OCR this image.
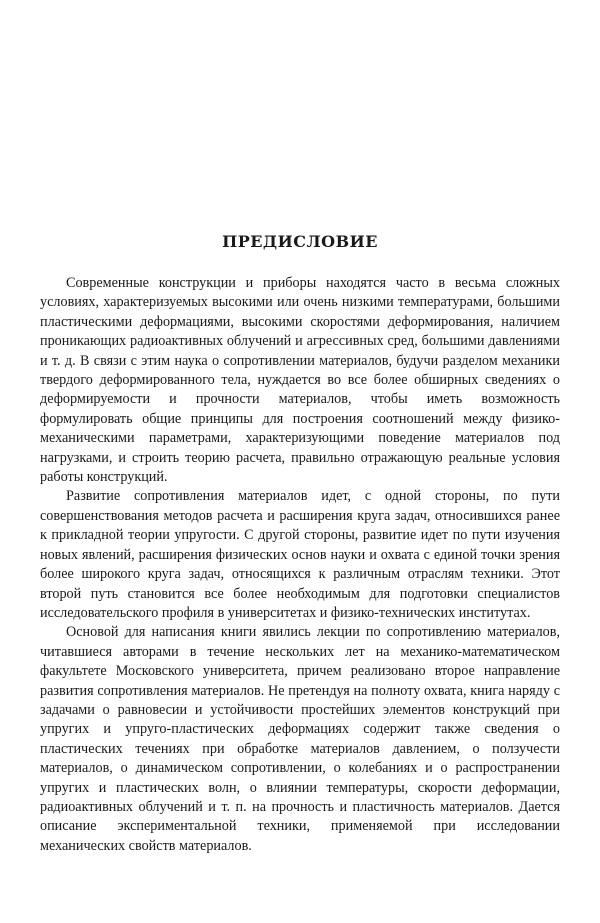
ПРЕДИСЛОВИЕ

Современные конструкции и приборы находятся часто в весьма сложных условиях, характеризуемых высокими или очень низкими температурами, большими пластическими деформациями, высокими скоростями деформирования, наличием проникающих радиоактивных облучений и агрессивных сред, большими давлениями и т. д. В связи с этим наука о сопротивлении материалов, будучи разделом механики твердого деформированного тела, нуждается во все более обширных сведениях о деформируемости и прочности материалов, чтобы иметь возможность формулировать общие принципы для построения соотношений между физико-механическими параметрами, характеризующими поведение материалов под нагрузками, и строить теорию расчета, правильно отражающую реальные условия работы конструкций.

Развитие сопротивления материалов идет, с одной стороны, по пути совершенствования методов расчета и расширения круга задач, относившихся ранее к прикладной теории упругости. С другой стороны, развитие идет по пути изучения новых явлений, расширения физических основ науки и охвата с единой точки зрения более широкого круга задач, относящихся к различным отраслям техники. Этот второй путь становится все более необходимым для подготовки специалистов исследовательского профиля в университетах и физико-технических институтах.

Основой для написания книги явились лекции по сопротивлению материалов, читавшиеся авторами в течение нескольких лет на механико-математическом факультете Московского университета, причем реализовано второе направление развития сопротивления материалов. Не претендуя на полноту охвата, книга наряду с задачами о равновесии и устойчивости простейших элементов конструкций при упругих и упруго-пластических деформациях содержит также сведения о пластических течениях при обработке материалов давлением, о ползучести материалов, о динамическом сопротивлении, о колебаниях и о распространении упругих и пластических волн, о влиянии температуры, скорости деформации, радиоактивных облучений и т. п. на прочность и пластичность материалов. Дается описание экспериментальной техники, применяемой при исследовании механических свойств материалов.
